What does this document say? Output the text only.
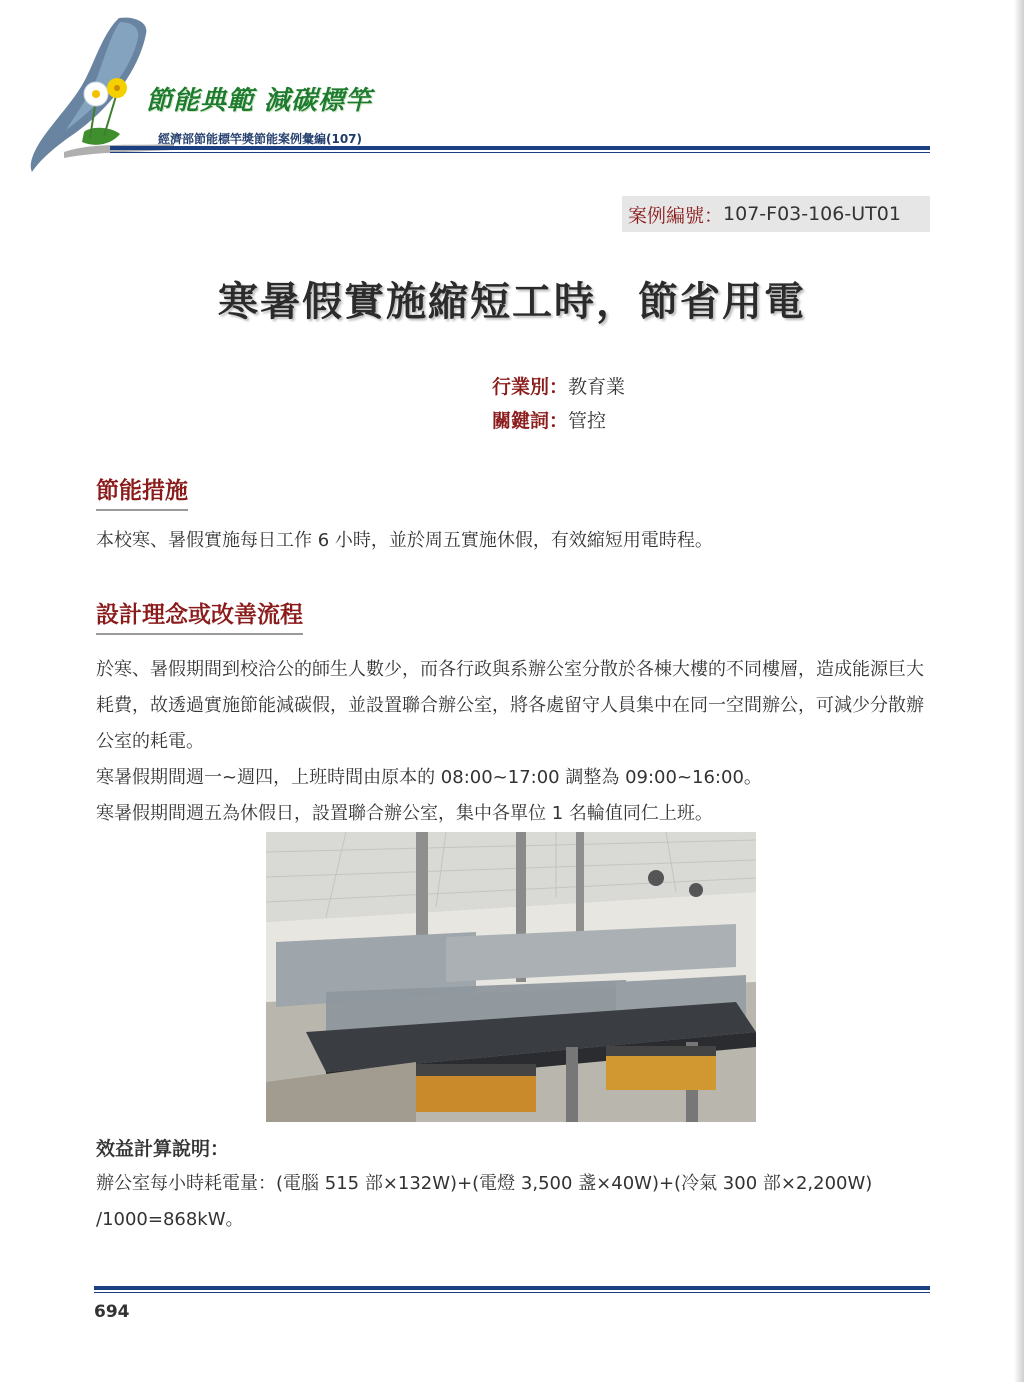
節能典範 減碳標竿
經濟部節能標竿獎節能案例彙編(107)
案例編號： 107-F03-106-UT01
寒暑假實施縮短工時，節省用電
行業別：教育業
關鍵詞：管控
節能措施

本校寒、暑假實施每日工作 6 小時，並於周五實施休假，有效縮短用電時程。

設計理念或改善流程
於寒、暑假期間到校洽公的師生人數少，而各行政與系辦公室分散於各棟大樓的不同樓層，造成能源巨大耗費，故透過實施節能減碳假，並設置聯合辦公室，將各處留守人員集中在同一空間辦公，可減少分散辦公室的耗電。
寒暑假期間週一~週四，上班時間由原本的 08:00~17:00 調整為 09:00~16:00。
寒暑假期間週五為休假日，設置聯合辦公室，集中各單位 1 名輪值同仁上班。
效益計算說明：

辦公室每小時耗電量：(電腦 515 部×132W)+(電燈 3,500 盞×40W)+(冷氣 300 部×2,200W) /1000=868kW。

694
